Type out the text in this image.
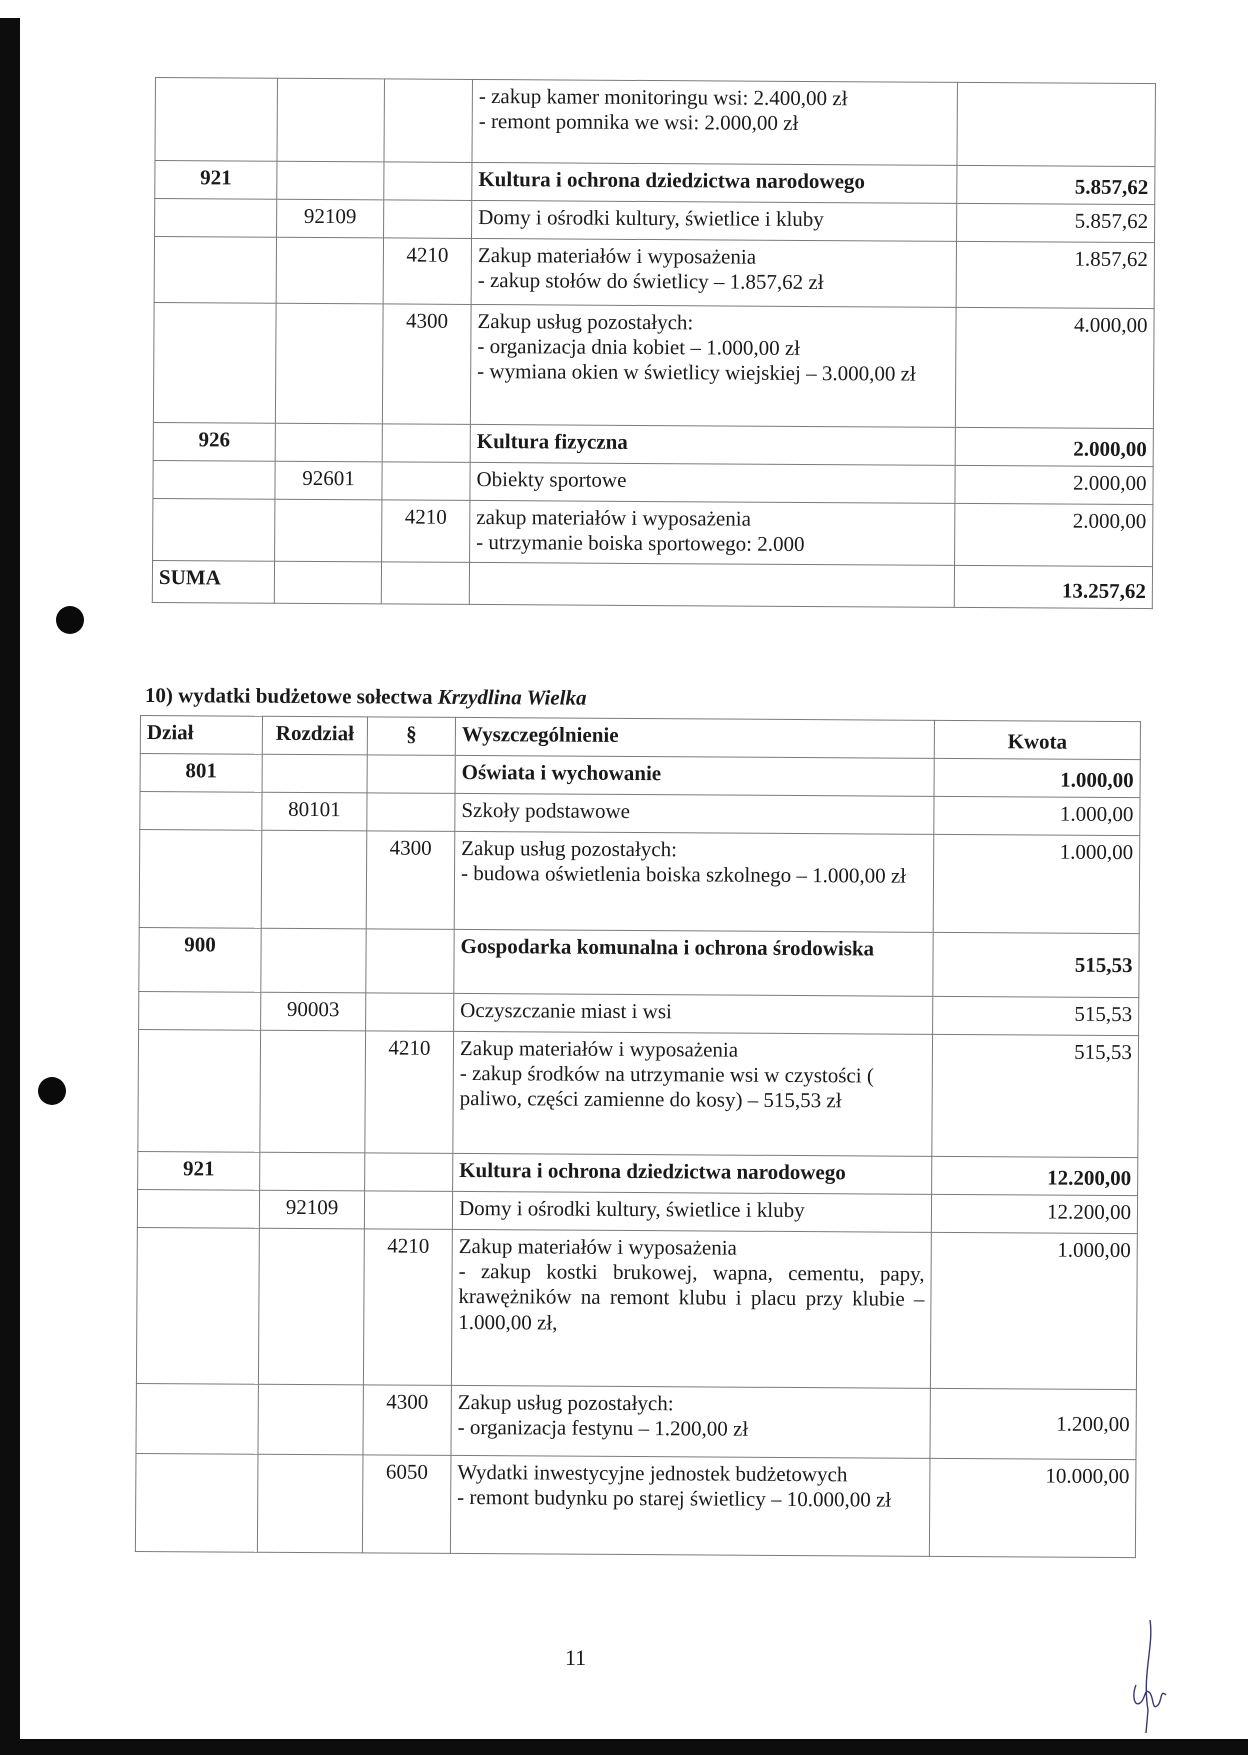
			- zakup kamer monitoringu wsi: 2.400,00 zł
- remont pomnika we wsi: 2.000,00 zł	

921			Kultura i ochrona dziedzictwa narodowego	5.857,62
	92109		Domy i ośrodki kultury, świetlice i kluby	5.857,62
		4210	Zakup materiałów i wyposażenia
- zakup stołów do świetlicy – 1.857,62 zł	1.857,62
		4300	Zakup usług pozostałych:
- organizacja dnia kobiet – 1.000,00 zł
- wymiana okien w świetlicy wiejskiej – 3.000,00 zł	4.000,00
926			Kultura fizyczna	2.000,00
	92601		Obiekty sportowe	2.000,00
		4210	zakup materiałów i wyposażenia
- utrzymanie boiska sportowego: 2.000	2.000,00
SUMA				13.257,62
10) wydatki budżetowe sołectwa Krzydlina Wielka
Dział	Rozdział	§	Wyszczególnienie	Kwota
801			Oświata i wychowanie	1.000,00
	80101		Szkoły podstawowe	1.000,00
		4300	Zakup usług pozostałych:
- budowa oświetlenia boiska szkolnego – 1.000,00 zł	1.000,00
900			Gospodarka komunalna i ochrona środowiska	515,53
	90003		Oczyszczanie miast i wsi	515,53
		4210	Zakup materiałów i wyposażenia
- zakup środków na utrzymanie wsi w czystości ( paliwo, części zamienne do kosy) – 515,53 zł	515,53
921			Kultura i ochrona dziedzictwa narodowego	12.200,00
	92109		Domy i ośrodki kultury, świetlice i kluby	12.200,00
		4210	Zakup materiałów i wyposażenia
- zakup kostki brukowej, wapna, cementu, papy, krawężników na remont klubu i placu przy klubie – 1.000,00 zł,	1.000,00
		4300	Zakup usług pozostałych:
- organizacja festynu – 1.200,00 zł	1.200,00
		6050	Wydatki inwestycyjne jednostek budżetowych
- remont budynku po starej świetlicy – 10.000,00 zł	10.000,00
11
